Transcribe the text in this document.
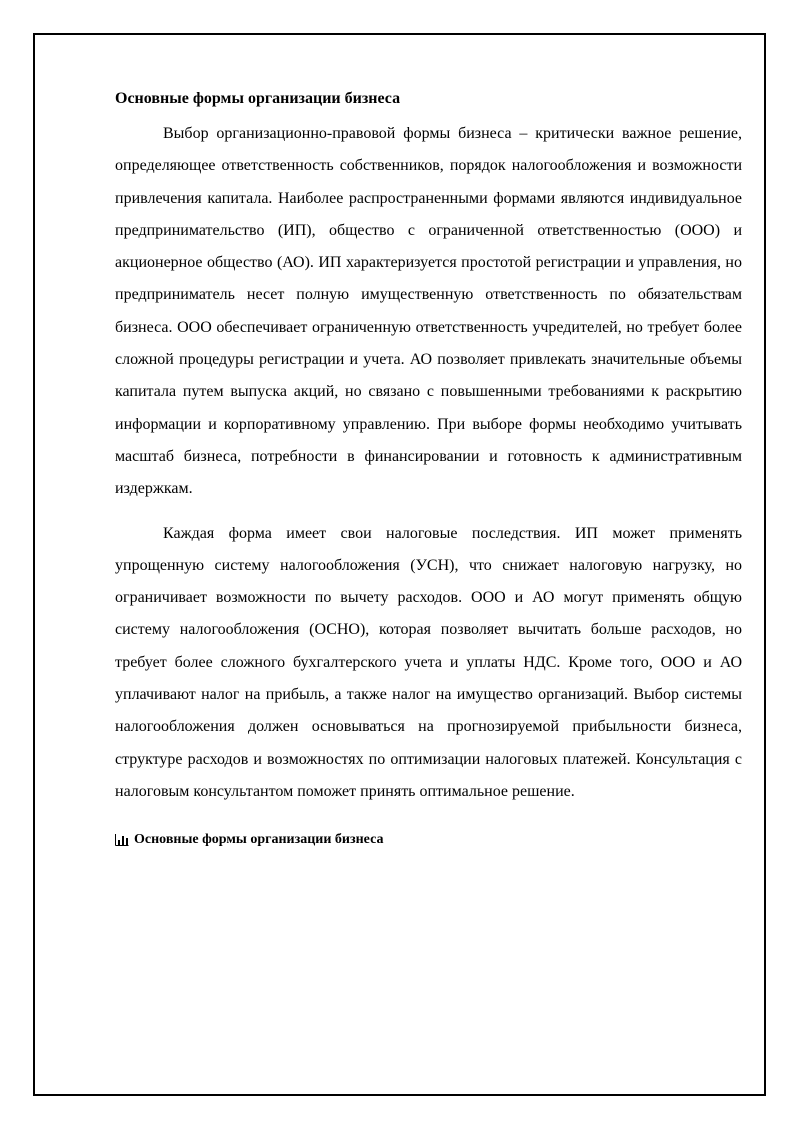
Основные формы организации бизнеса

Выбор организационно-правовой формы бизнеса – критически важное решение, определяющее ответственность собственников, порядок налогообложения и возможности привлечения капитала. Наиболее распространенными формами являются индивидуальное предпринимательство (ИП), общество с ограниченной ответственностью (ООО) и акционерное общество (АО). ИП характеризуется простотой регистрации и управления, но предприниматель несет полную имущественную ответственность по обязательствам бизнеса. ООО обеспечивает ограниченную ответственность учредителей, но требует более сложной процедуры регистрации и учета. АО позволяет привлекать значительные объемы капитала путем выпуска акций, но связано с повышенными требованиями к раскрытию информации и корпоративному управлению. При выборе формы необходимо учитывать масштаб бизнеса, потребности в финансировании и готовность к административным издержкам.

Каждая форма имеет свои налоговые последствия. ИП может применять упрощенную систему налогообложения (УСН), что снижает налоговую нагрузку, но ограничивает возможности по вычету расходов. ООО и АО могут применять общую систему налогообложения (ОСНО), которая позволяет вычитать больше расходов, но требует более сложного бухгалтерского учета и уплаты НДС. Кроме того, ООО и АО уплачивают налог на прибыль, а также налог на имущество организаций. Выбор системы налогообложения должен основываться на прогнозируемой прибыльности бизнеса, структуре расходов и возможностях по оптимизации налоговых платежей. Консультация с налоговым консультантом поможет принять оптимальное решение.

Основные формы организации бизнеса
